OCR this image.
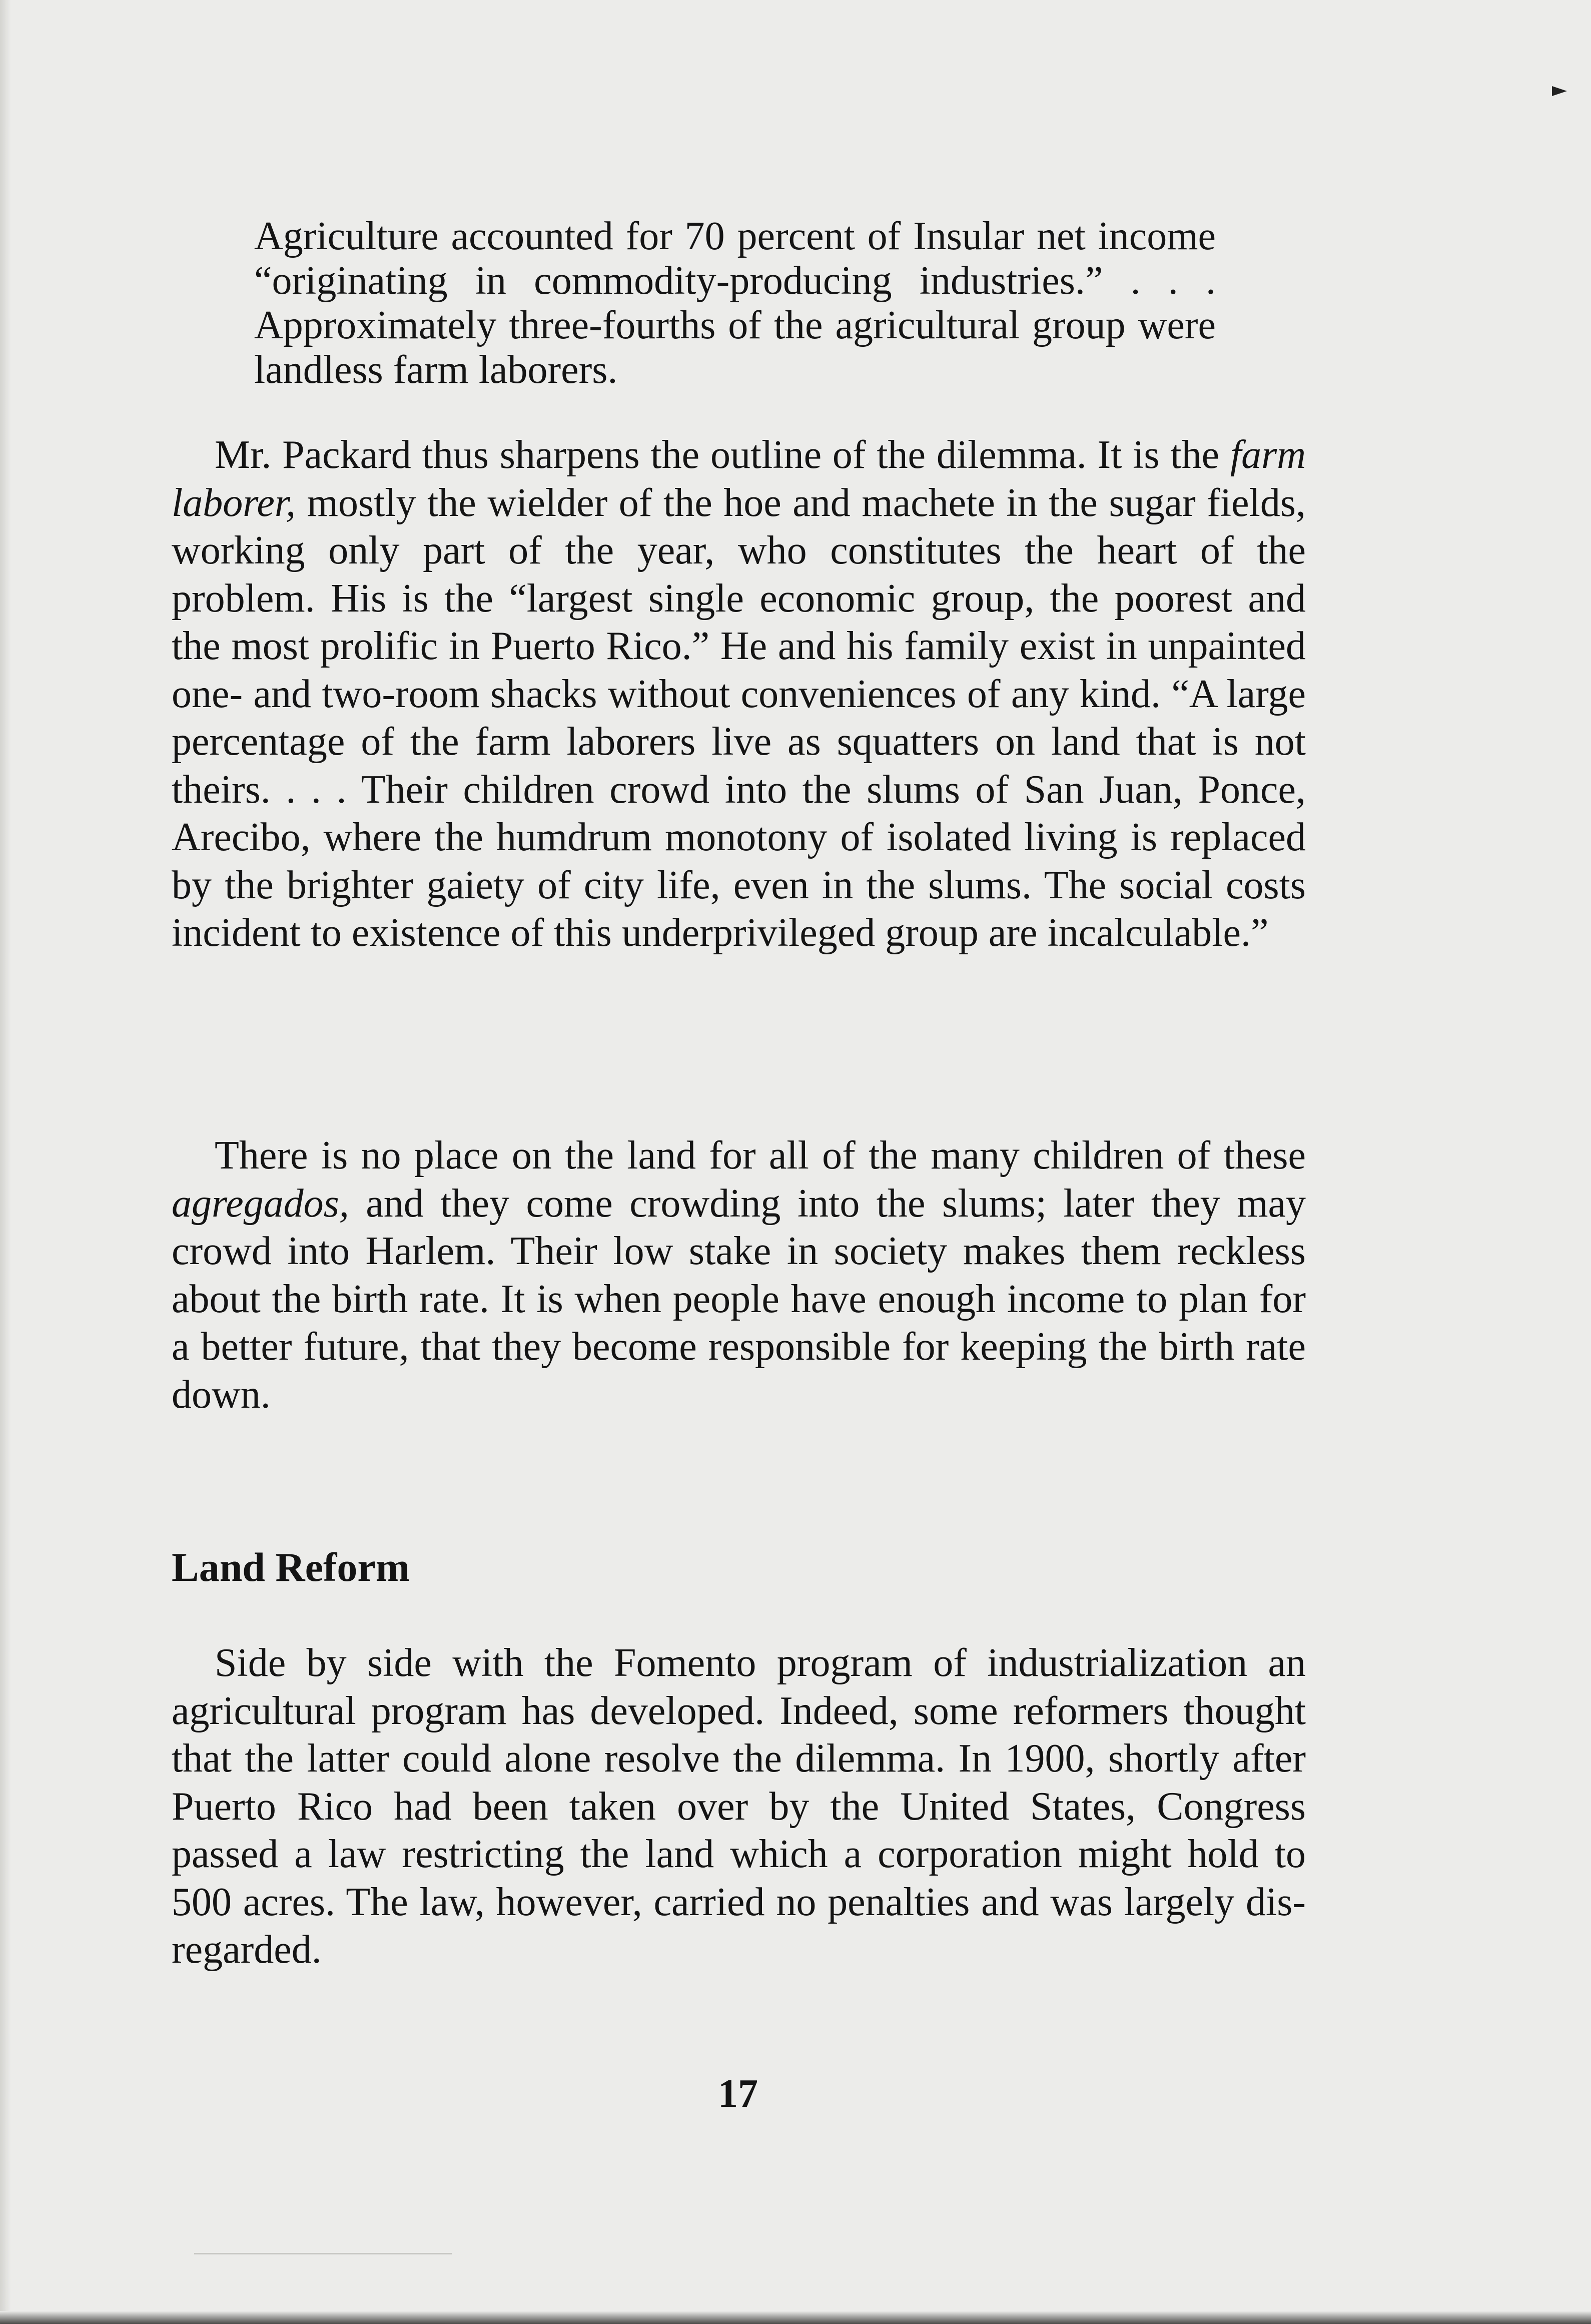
Agriculture accounted for 70 percent of Insular net income “originating in commodity-producing industries.” . . . Approximately three-fourths of the agricultural group were landless farm laborers.

Mr. Packard thus sharpens the outline of the dilemma. It is the farm laborer, mostly the wielder of the hoe and machete in the sugar fields, working only part of the year, who constitutes the heart of the problem. His is the “largest single economic group, the poorest and the most prolific in Puerto Rico.” He and his family exist in unpainted one- and two-room shacks without conveniences of any kind. “A large percentage of the farm laborers live as squatters on land that is not theirs. . . . Their children crowd into the slums of San Juan, Ponce, Arecibo, where the humdrum monotony of isolated living is replaced by the brighter gaiety of city life, even in the slums. The social costs incident to existence of this underprivileged group are incalculable.”

There is no place on the land for all of the many children of these agregados, and they come crowding into the slums; later they may crowd into Harlem. Their low stake in society makes them reckless about the birth rate. It is when people have enough income to plan for a better future, that they become responsible for keeping the birth rate down.

Land Reform

Side by side with the Fomento program of industrialization an agricultural program has developed. Indeed, some reformers thought that the latter could alone resolve the dilemma. In 1900, shortly after Puerto Rico had been taken over by the United States, Congress passed a law restricting the land which a corporation might hold to 500 acres. The law, however, carried no penalties and was largely disregarded.

17
